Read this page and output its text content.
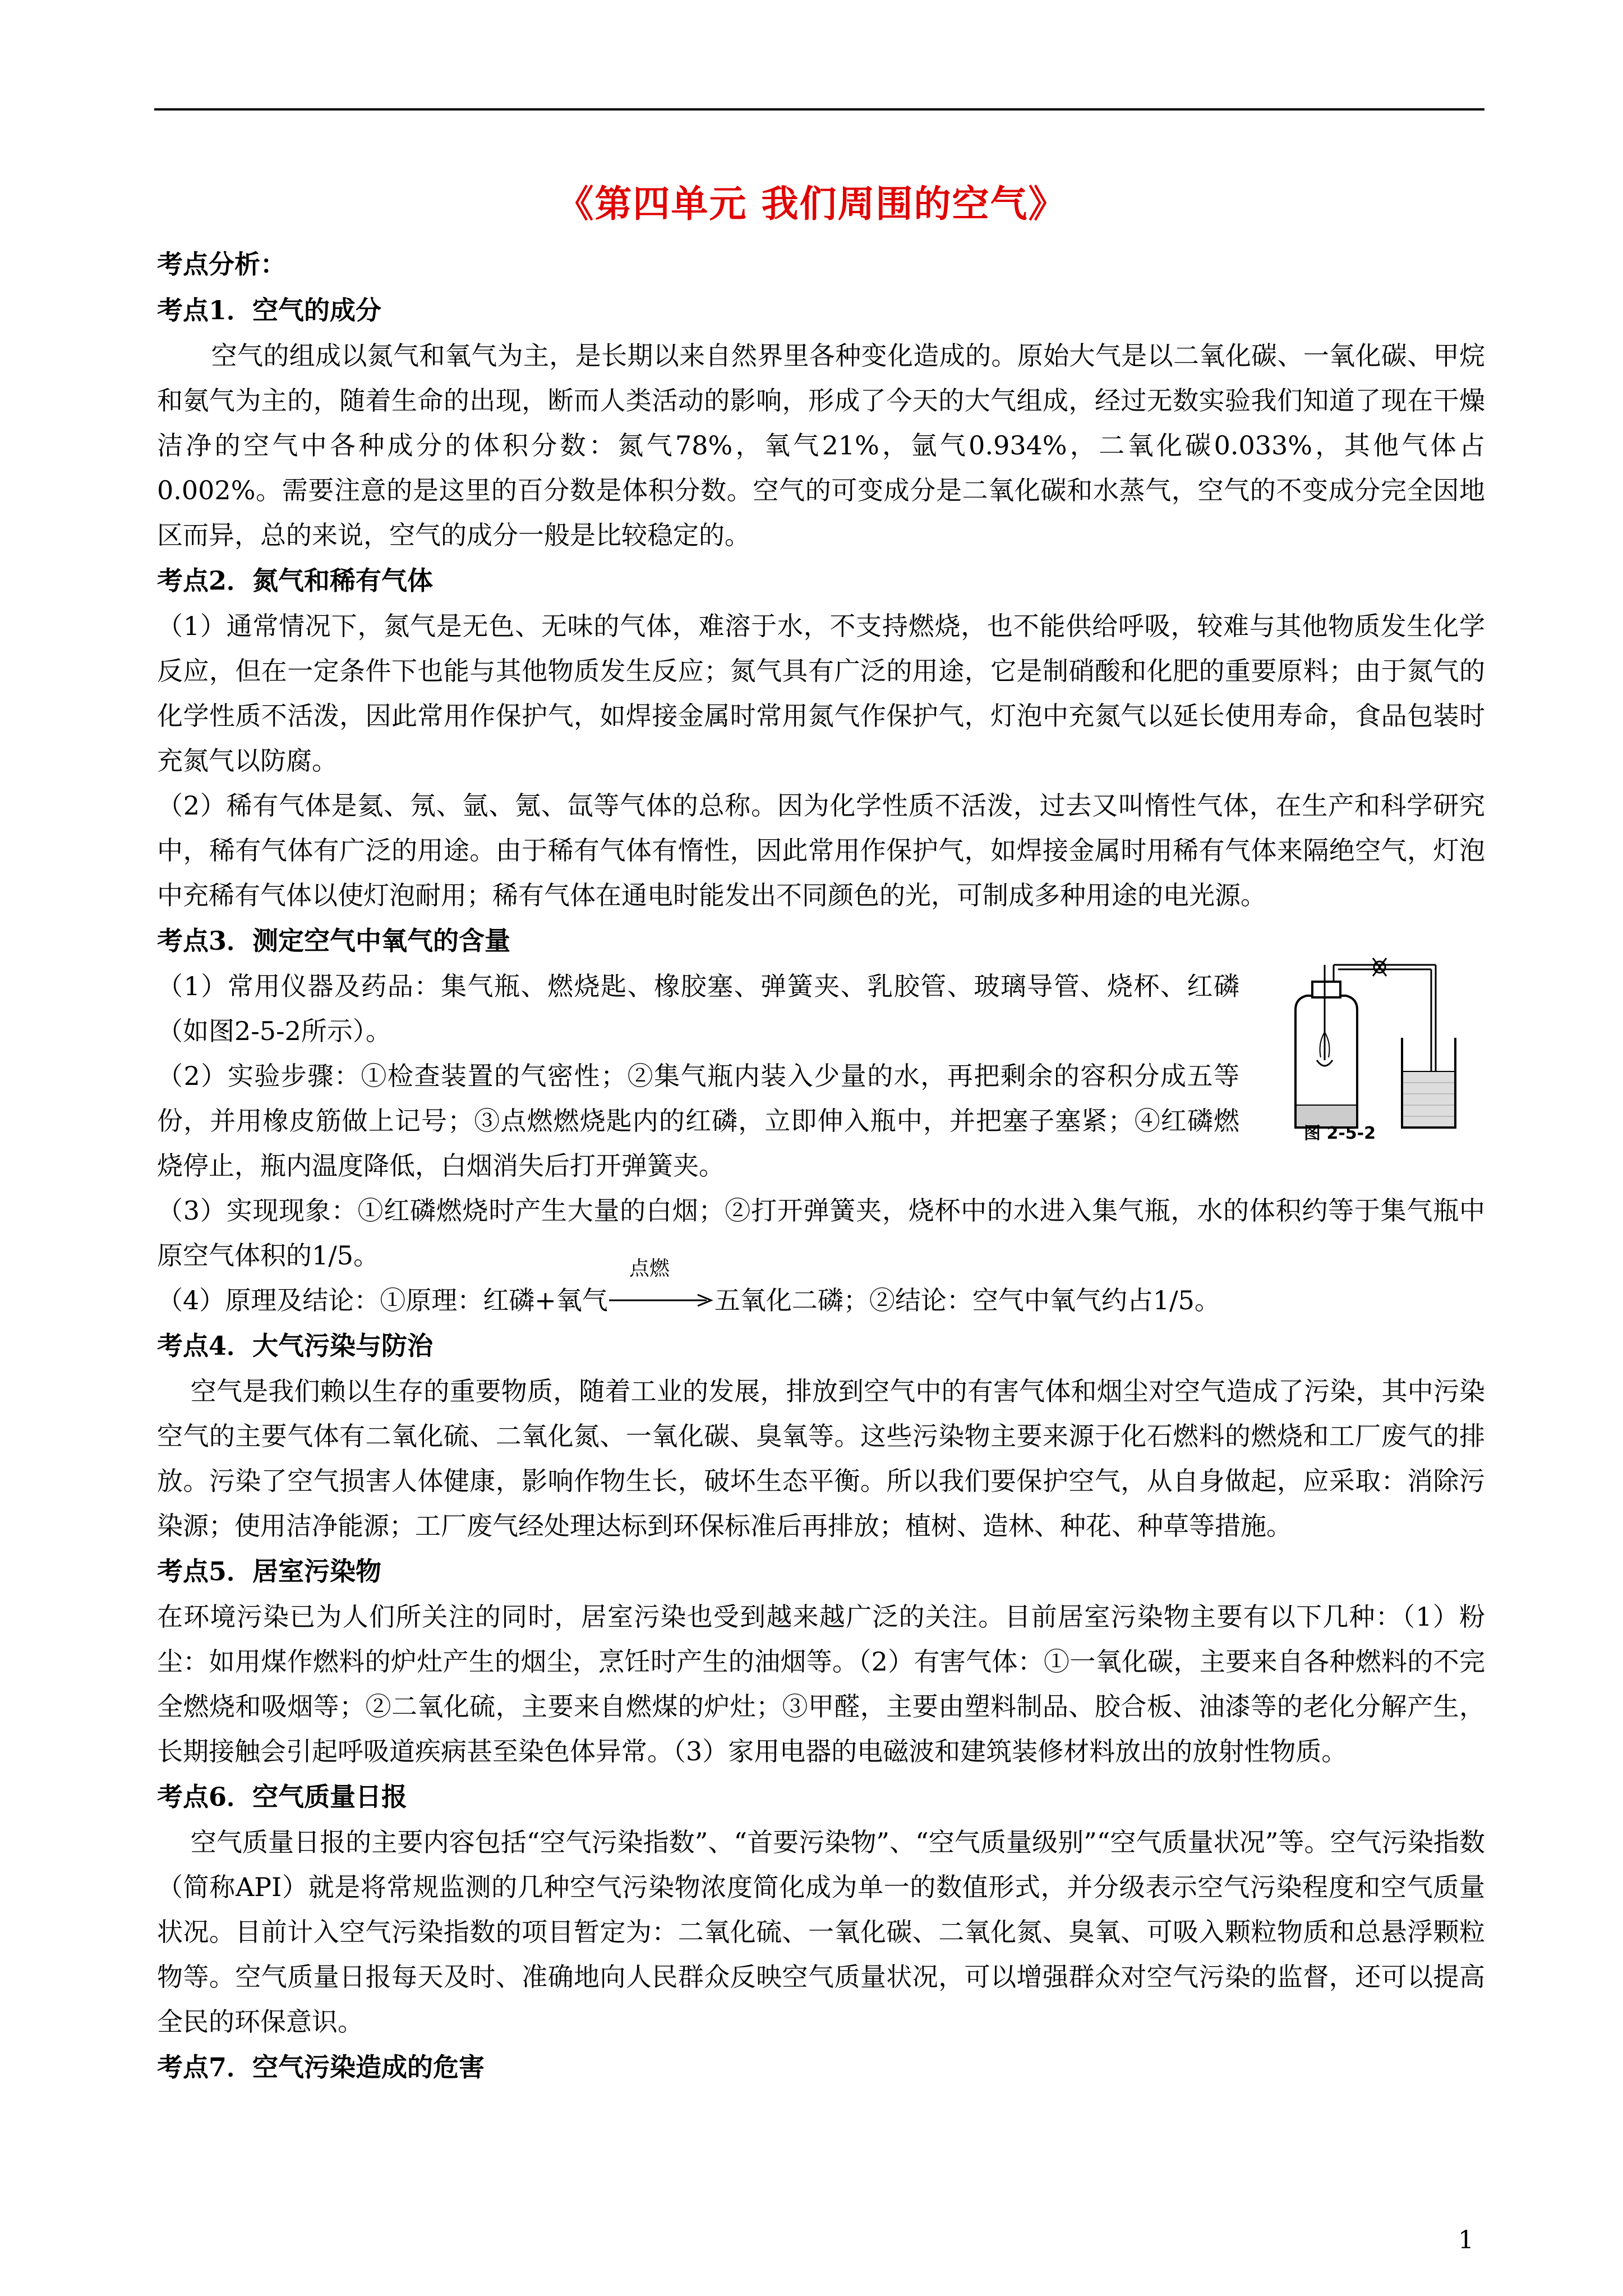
《第四单元 我们周围的空气》

考点分析：

考点1．空气的成分

空气的组成以氮气和氧气为主，是长期以来自然界里各种变化造成的。原始大气是以二氧化碳、一氧化碳、甲烷和氨气为主的，随着生命的出现，断而人类活动的影响，形成了今天的大气组成，经过无数实验我们知道了现在干燥洁净的空气中各种成分的体积分数：氮气78%，氧气21%，氩气0.934%，二氧化碳0.033%，其他气体占0.002%。需要注意的是这里的百分数是体积分数。空气的可变成分是二氧化碳和水蒸气，空气的不变成分完全因地区而异，总的来说，空气的成分一般是比较稳定的。

考点2．氮气和稀有气体

（1）通常情况下，氮气是无色、无味的气体，难溶于水，不支持燃烧，也不能供给呼吸，较难与其他物质发生化学反应，但在一定条件下也能与其他物质发生反应；氮气具有广泛的用途，它是制硝酸和化肥的重要原料；由于氮气的化学性质不活泼，因此常用作保护气，如焊接金属时常用氮气作保护气，灯泡中充氮气以延长使用寿命，食品包装时充氮气以防腐。

（2）稀有气体是氦、氖、氩、氪、氙等气体的总称。因为化学性质不活泼，过去又叫惰性气体，在生产和科学研究中，稀有气体有广泛的用途。由于稀有气体有惰性，因此常用作保护气，如焊接金属时用稀有气体来隔绝空气，灯泡中充稀有气体以使灯泡耐用；稀有气体在通电时能发出不同颜色的光，可制成多种用途的电光源。

考点3．测定空气中氧气的含量

（1）常用仪器及药品：集气瓶、燃烧匙、橡胶塞、弹簧夹、乳胶管、玻璃导管、烧杯、红磷（如图2-5-2所示）。

（2）实验步骤：①检查装置的气密性；②集气瓶内装入少量的水，再把剩余的容积分成五等份，并用橡皮筋做上记号；③点燃燃烧匙内的红磷，立即伸入瓶中，并把塞子塞紧；④红磷燃烧停止，瓶内温度降低，白烟消失后打开弹簧夹。

（3）实现现象：①红磷燃烧时产生大量的白烟；②打开弹簧夹，烧杯中的水进入集气瓶，水的体积约等于集气瓶中原空气体积的1/5。

（4）原理及结论：①原理：红磷+氧气
点燃
五氧化二磷；②结论：空气中氧气约占1/5。

考点4．大气污染与防治

空气是我们赖以生存的重要物质，随着工业的发展，排放到空气中的有害气体和烟尘对空气造成了污染，其中污染空气的主要气体有二氧化硫、二氧化氮、一氧化碳、臭氧等。这些污染物主要来源于化石燃料的燃烧和工厂废气的排放。污染了空气损害人体健康，影响作物生长，破坏生态平衡。所以我们要保护空气，从自身做起，应采取：消除污染源；使用洁净能源；工厂废气经处理达标到环保标准后再排放；植树、造林、种花、种草等措施。

考点5．居室污染物

在环境污染已为人们所关注的同时，居室污染也受到越来越广泛的关注。目前居室污染物主要有以下几种：（1）粉尘：如用煤作燃料的炉灶产生的烟尘，烹饪时产生的油烟等。（2）有害气体：①一氧化碳，主要来自各种燃料的不完全燃烧和吸烟等；②二氧化硫，主要来自燃煤的炉灶；③甲醛，主要由塑料制品、胶合板、油漆等的老化分解产生，长期接触会引起呼吸道疾病甚至染色体异常。（3）家用电器的电磁波和建筑装修材料放出的放射性物质。

考点6．空气质量日报

空气质量日报的主要内容包括“空气污染指数”、“首要污染物”、“空气质量级别”“空气质量状况”等。空气污染指数（简称API）就是将常规监测的几种空气污染物浓度简化成为单一的数值形式，并分级表示空气污染程度和空气质量状况。目前计入空气污染指数的项目暂定为：二氧化硫、一氧化碳、二氧化氮、臭氧、可吸入颗粒物质和总悬浮颗粒物等。空气质量日报每天及时、准确地向人民群众反映空气质量状况，可以增强群众对空气污染的监督，还可以提高全民的环保意识。

考点7．空气污染造成的危害

图 2-5-2
1
